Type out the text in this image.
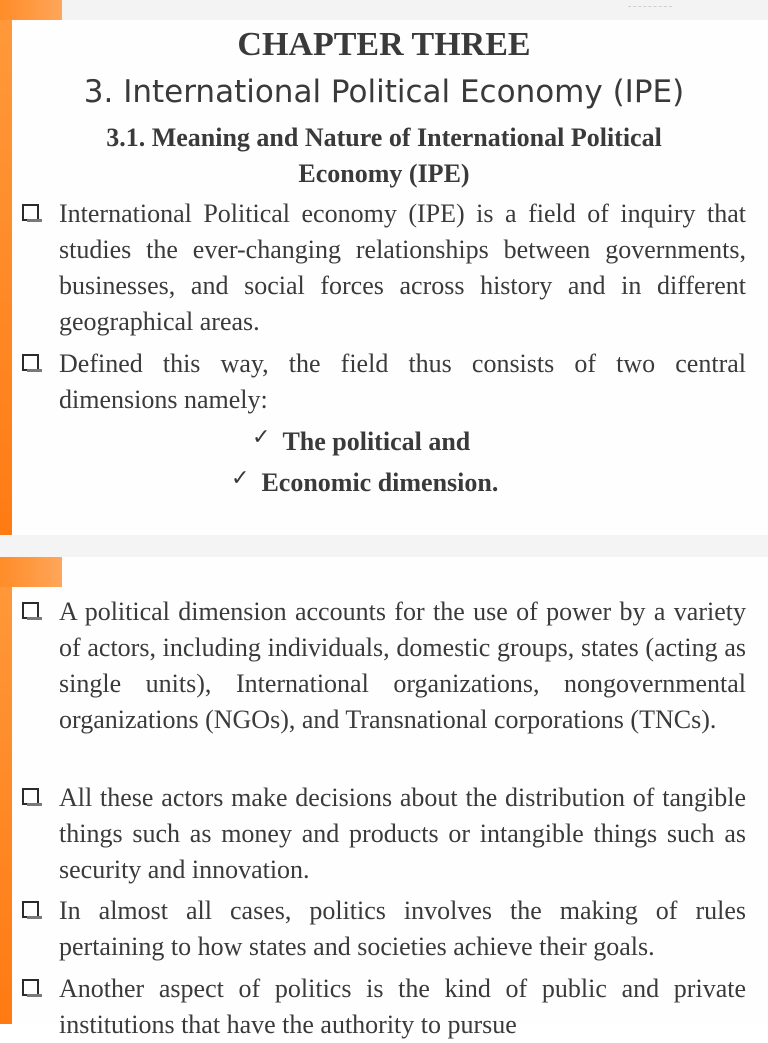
CHAPTER THREE
3. International Political Economy (IPE)
3.1. Meaning and Nature of International Political Economy (IPE)
International Political economy (IPE) is a field of inquiry that studies the ever-changing relationships between governments, businesses, and social forces across history and in different geographical areas.
Defined this way, the field thus consists of two central dimensions namely:
✓ The political and
✓ Economic dimension.
A political dimension accounts for the use of power by a variety of actors, including individuals, domestic groups, states (acting as single units), International organizations, nongovernmental organizations (NGOs), and Transnational corporations (TNCs).
All these actors make decisions about the distribution of tangible things such as money and products or intangible things such as security and innovation.
In almost all cases, politics involves the making of rules pertaining to how states and societies achieve their goals.
Another aspect of politics is the kind of public and private institutions that have the authority to pursue
